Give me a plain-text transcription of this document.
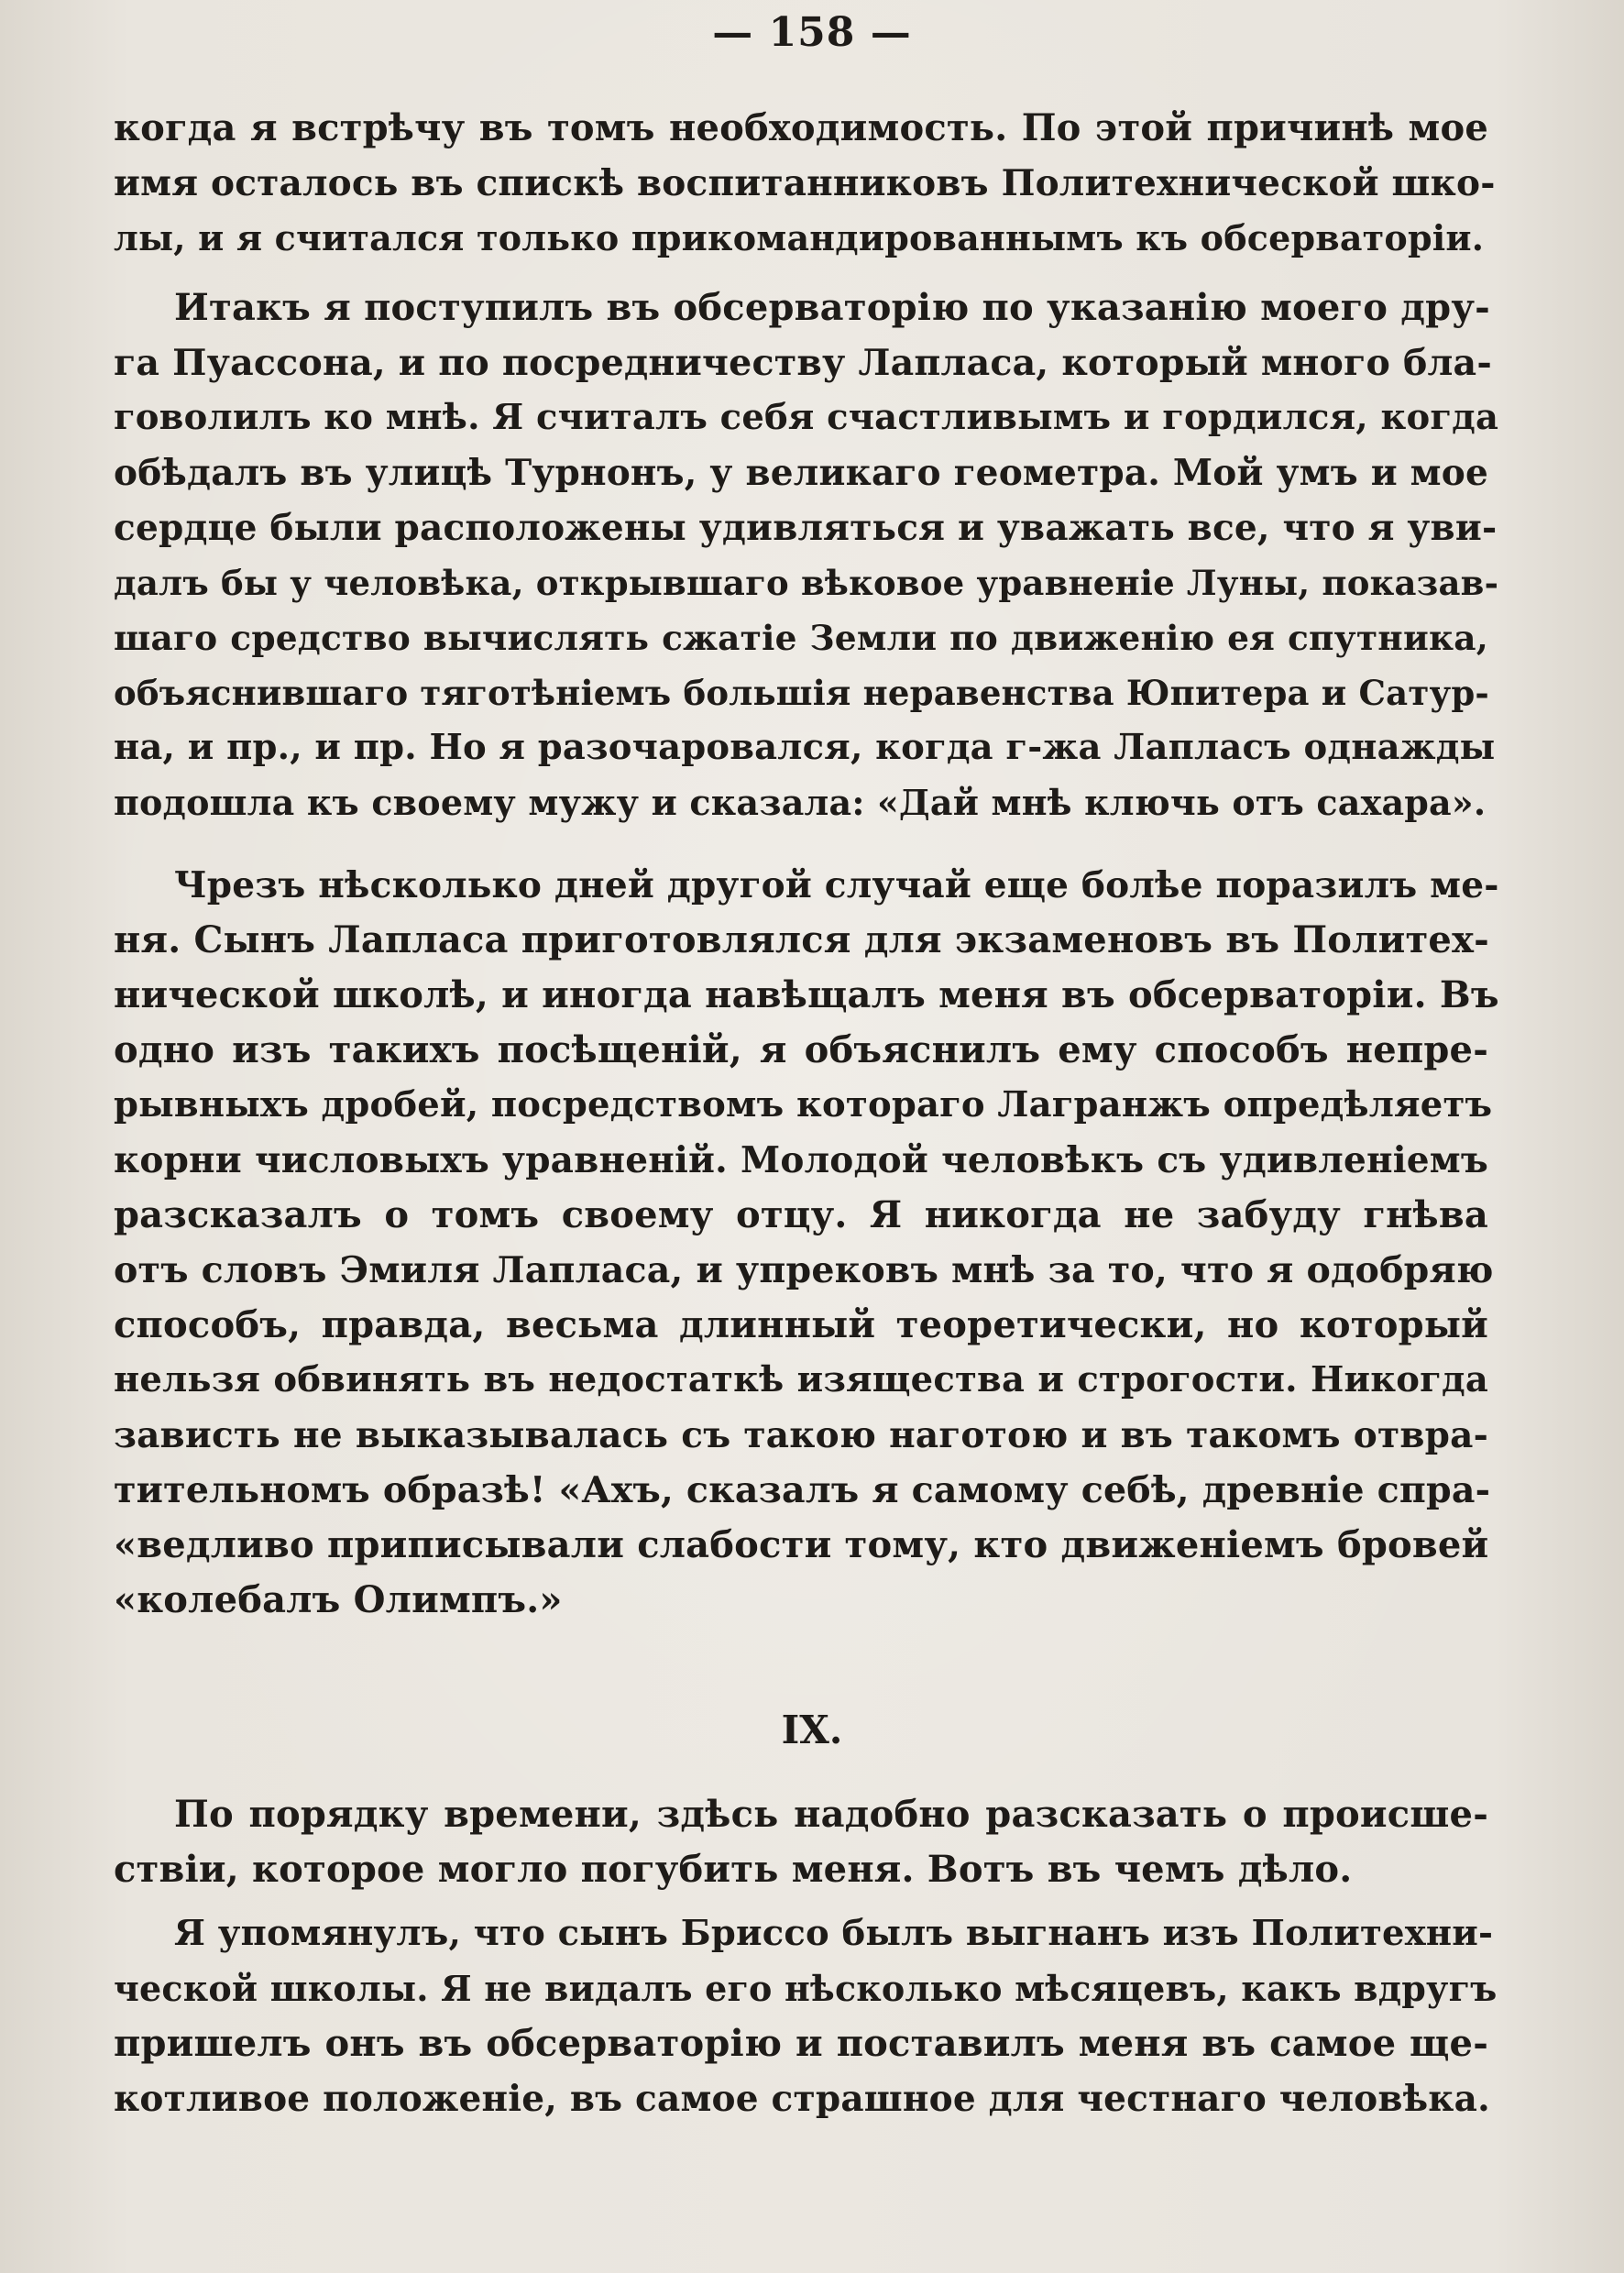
— 158 —
когда я встрѣчу въ томъ необходимость. По этой причинѣ мое
имя осталось въ спискѣ воспитанниковъ Политехнической шко-
лы, и я считался только прикомандированнымъ къ обсерваторіи.
Итакъ я поступилъ въ обсерваторію по указанію моего дру-
га Пуассона, и по посредничеству Лапласа, который много бла-
говолилъ ко мнѣ. Я считалъ себя счастливымъ и гордился, когда
обѣдалъ въ улицѣ Турнонъ, у великаго геометра. Мой умъ и мое
сердце были расположены удивляться и уважать все, что я уви-
далъ бы у человѣка, открывшаго вѣковое уравненіе Луны, показав-
шаго средство вычислять сжатіе Земли по движенію ея спутника,
объяснившаго тяготѣніемъ большія неравенства Юпитера и Сатур-
на, и пр., и пр. Но я разочаровался, когда г-жа Лапласъ однажды
подошла къ своему мужу и сказала: «Дай мнѣ ключь отъ сахара».
Чрезъ нѣсколько дней другой случай еще болѣе поразилъ ме-
ня. Сынъ Лапласа приготовлялся для экзаменовъ въ Политех-
нической школѣ, и иногда навѣщалъ меня въ обсерваторіи. Въ
одно изъ такихъ посѣщеній, я объяснилъ ему способъ непре-
рывныхъ дробей, посредствомъ котораго Лагранжъ опредѣляетъ
корни числовыхъ уравненій. Молодой человѣкъ съ удивленіемъ
разсказалъ о томъ своему отцу. Я никогда не забуду гнѣва
отъ словъ Эмиля Лапласа, и упрековъ мнѣ за то, что я одобряю
способъ, правда, весьма длинный теоретически, но который
нельзя обвинять въ недостаткѣ изящества и строгости. Никогда
зависть не выказывалась съ такою наготою и въ такомъ отвра-
тительномъ образѣ! «Ахъ, сказалъ я самому себѣ, древніе спра-
«ведливо приписывали слабости тому, кто движеніемъ бровей
«колебалъ Олимпъ.»
IX.
По порядку времени, здѣсь надобно разсказать о происше-
ствіи, которое могло погубить меня. Вотъ въ чемъ дѣло.
Я упомянулъ, что сынъ Бриссо былъ выгнанъ изъ Политехни-
ческой школы. Я не видалъ его нѣсколько мѣсяцевъ, какъ вдругъ
пришелъ онъ въ обсерваторію и поставилъ меня въ самое ще-
котливое положеніе, въ самое страшное для честнаго человѣка.
